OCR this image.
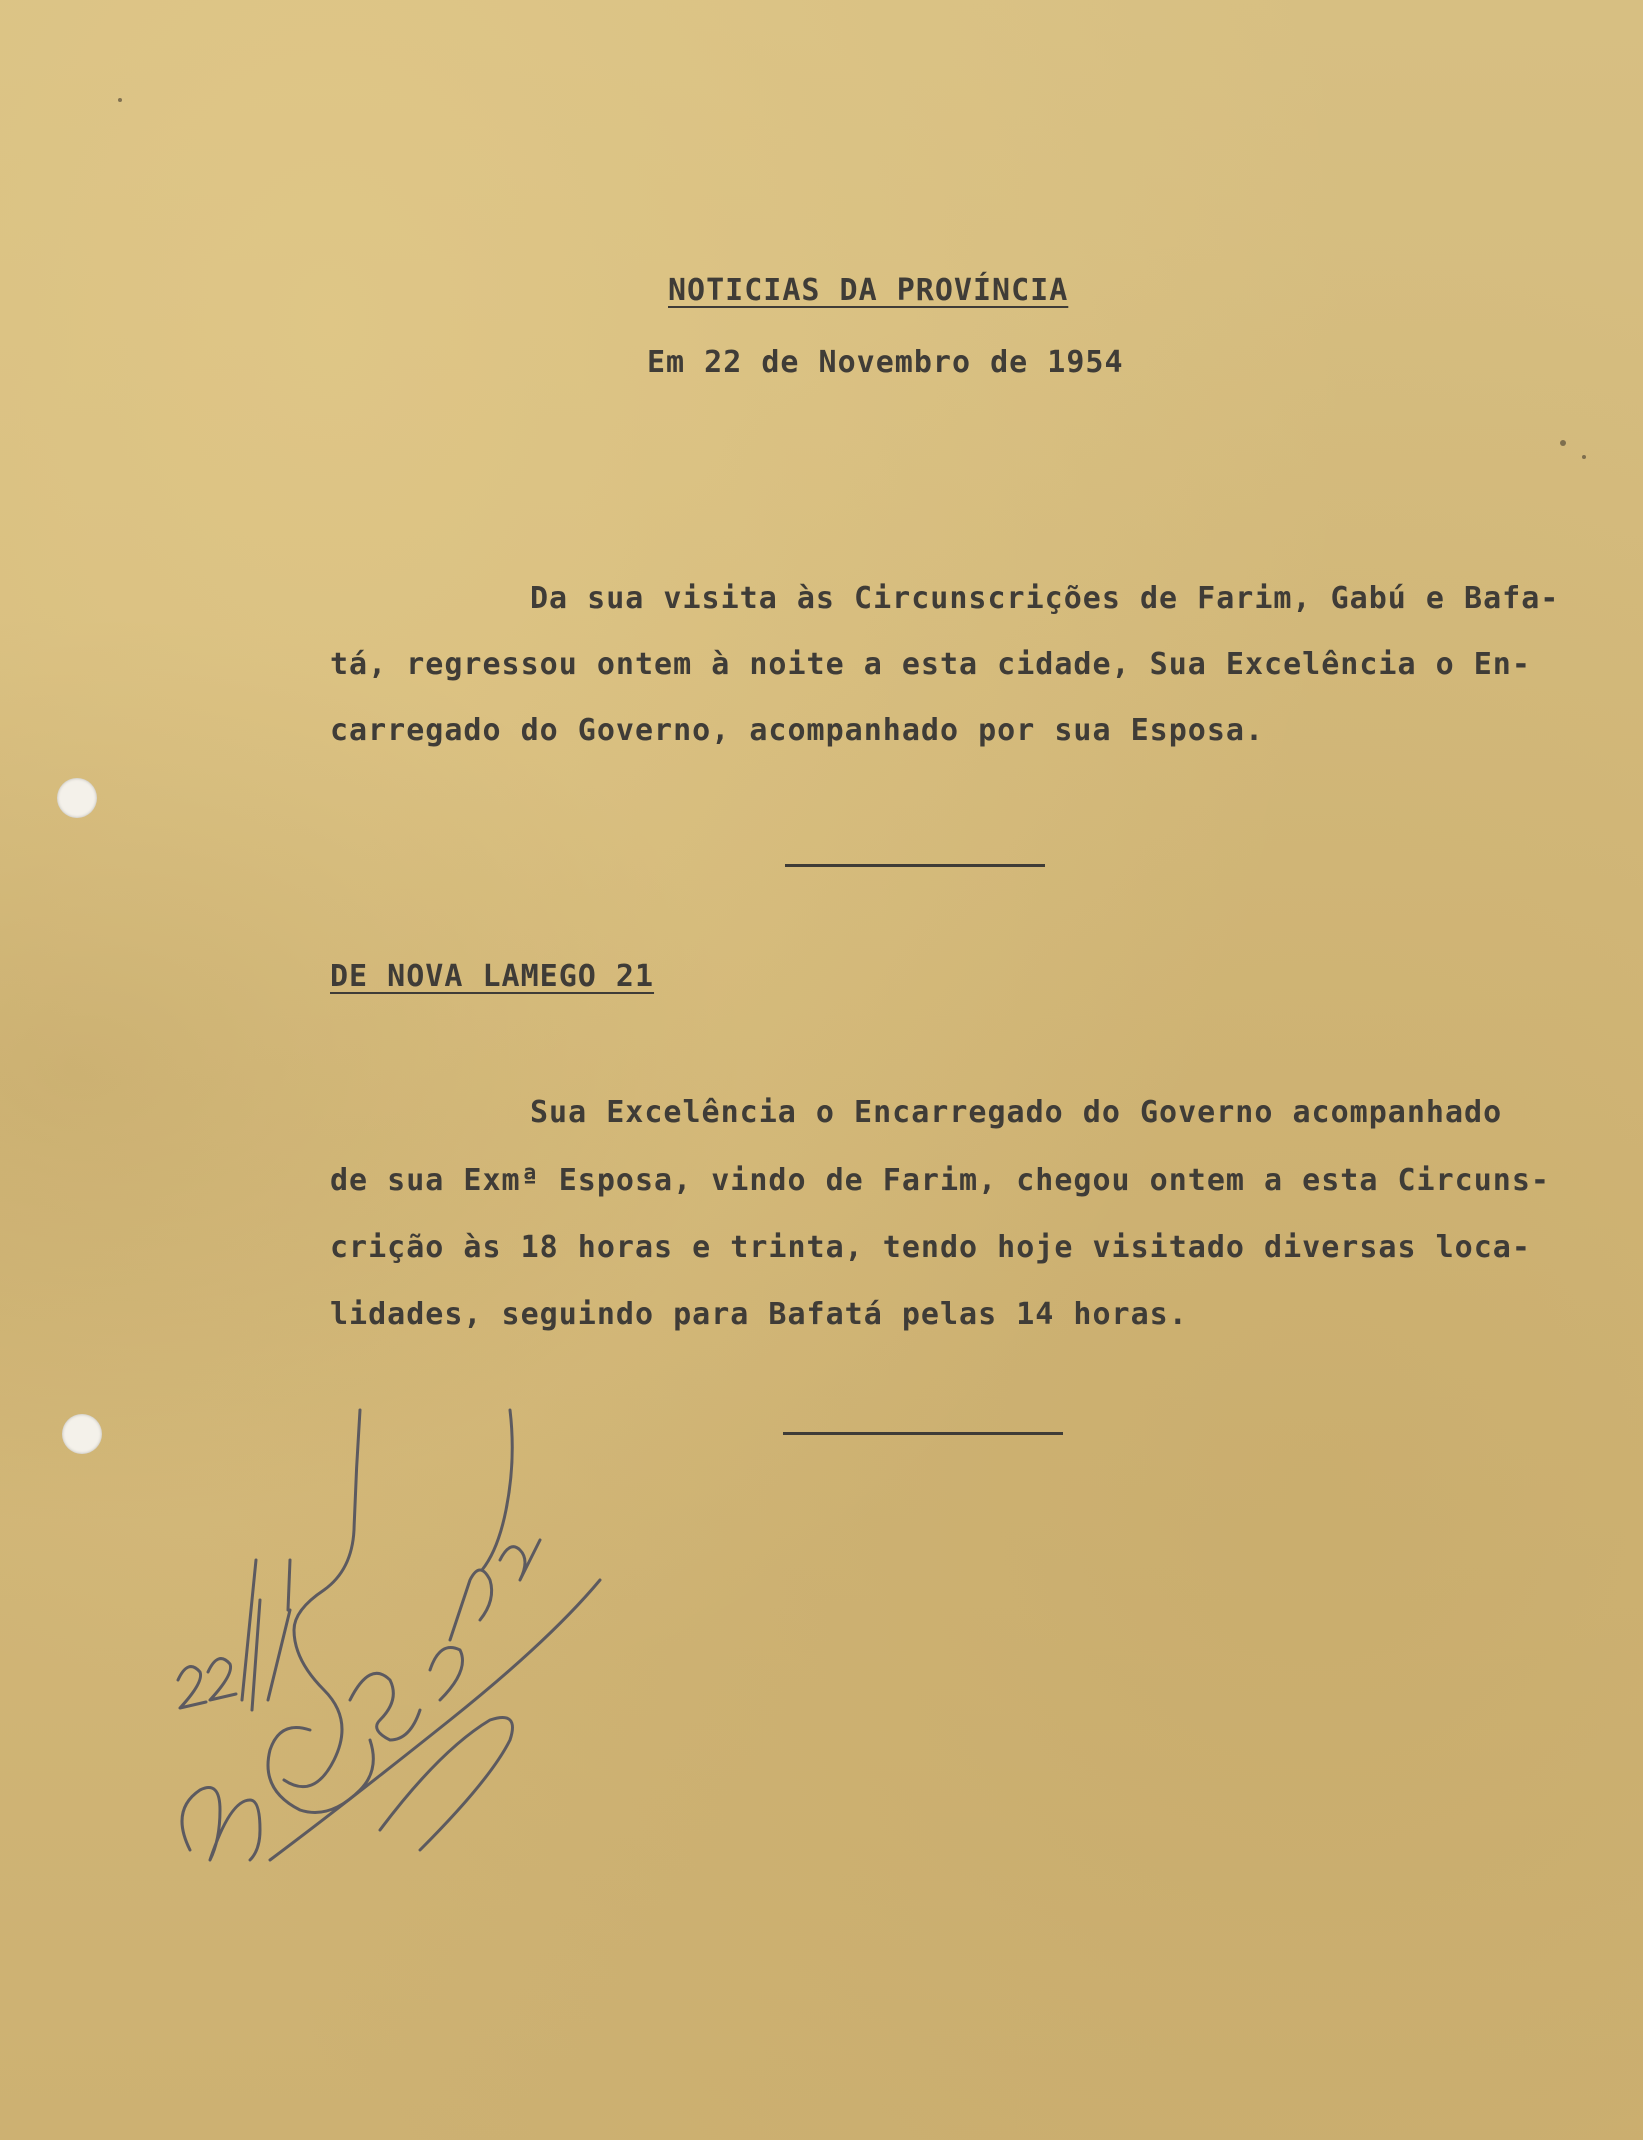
NOTICIAS DA PROVÍNCIA
Em 22 de Novembro de 1954
Da sua visita às Circunscrições de Farim, Gabú e Bafa-
tá, regressou ontem à noite a esta cidade, Sua Excelência o En-
carregado do Governo, acompanhado por sua Esposa.
DE NOVA LAMEGO 21
Sua Excelência o Encarregado do Governo acompanhado
de sua Exmª Esposa, vindo de Farim, chegou ontem a esta Circuns-
crição às 18 horas e trinta, tendo hoje visitado diversas loca-
lidades, seguindo para Bafatá pelas 14 horas.
